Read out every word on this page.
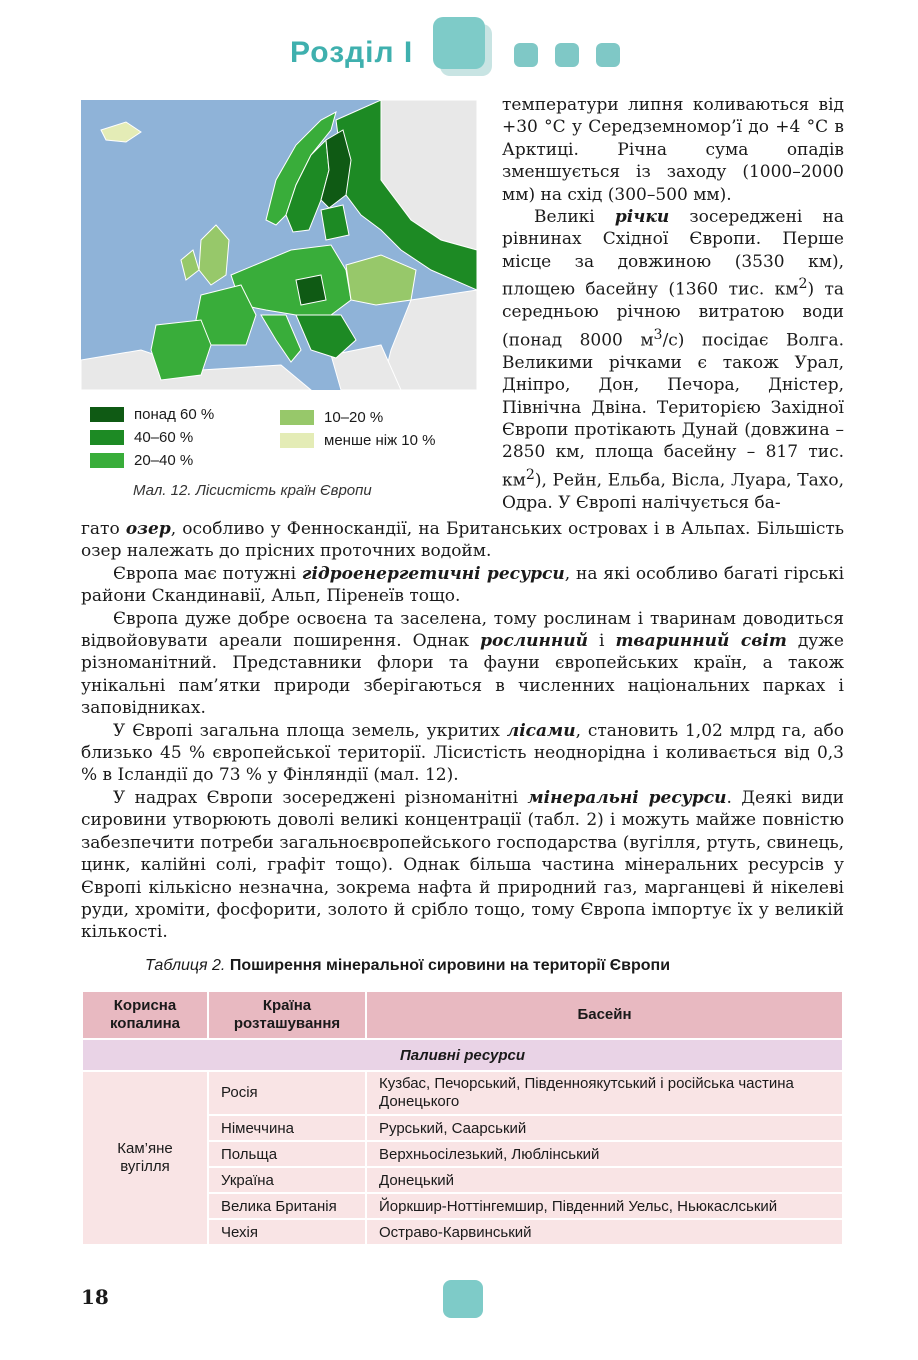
Розділ I
понад 60 %
40–60 %
20–40 %
10–20 %
менше ніж 10 %
Мал. 12. Лісистість країн Європи

температури липня коливаються від +30 °С у Середземномор’ї до +4 °С в Арктиці. Річна сума опадів зменшується із заходу (1000–2000 мм) на схід (300–500 мм).

Великі річки зосереджені на рівнинах Східної Європи. Перше місце за довжиною (3530 км), площею басейну (1360 тис. $км^2$) та середньою річною витратою води (понад 8000 $м^3/с$) посідає Волга. Великими річками є також Урал, Дніпро, Дон, Печора, Дністер, Північна Двіна. Територією Західної Європи протікають Дунай (довжина – 2850 км, площа басейну – 817 тис. $км^2$), Рейн, Ельба, Вісла, Луара, Тахо, Одра. У Європі налічується ба-

гато озер, особливо у Фенноскандії, на Британських островах і в Альпах. Більшість озер належать до прісних проточних водойм.

Європа має потужні гідроенергетичні ресурси, на які особливо багаті гірські райони Скандинавії, Альп, Піренеїв тощо.

Європа дуже добре освоєна та заселена, тому рослинам і тваринам доводиться відвойовувати ареали поширення. Однак рослинний і тваринний світ дуже різноманітний. Представники флори та фауни європейських країн, а також унікальні пам’ятки природи зберігаються в численних національних парках і заповідниках.

У Європі загальна площа земель, укритих лісами, становить 1,02 млрд га, або близько 45 % європейської території. Лісистість неоднорідна і коливається від 0,3 % в Ісландії до 73 % у Фінляндії (мал. 12).

У надрах Європи зосереджені різноманітні мінеральні ресурси. Деякі види сировини утворюють доволі великі концентрації (табл. 2) і можуть майже повністю забезпечити потреби загальноєвропейського господарства (вугілля, ртуть, свинець, цинк, калійні солі, графіт тощо). Однак більша частина мінеральних ресурсів у Європі кількісно незначна, зокрема нафта й природний газ, марганцеві й нікелеві руди, хроміти, фосфорити, золото й срібло тощо, тому Європа імпортує їх у великій кількості.

Таблиця 2. Поширення мінеральної сировини на території Європи
Корисна копалина	Країна розташування	Басейн
Паливні ресурси		
Кам’яне вугілля	Росія	Кузбас, Печорський, Південноякутський і російська частина Донецького
	Німеччина	Рурський, Саарський
	Польща	Верхньосілезький, Люблінський
	Україна	Донецький
	Велика Британія	Йоркшир-Ноттінгемшир, Південний Уельс, Ньюкаслський
	Чехія	Остраво-Карвинський
18
